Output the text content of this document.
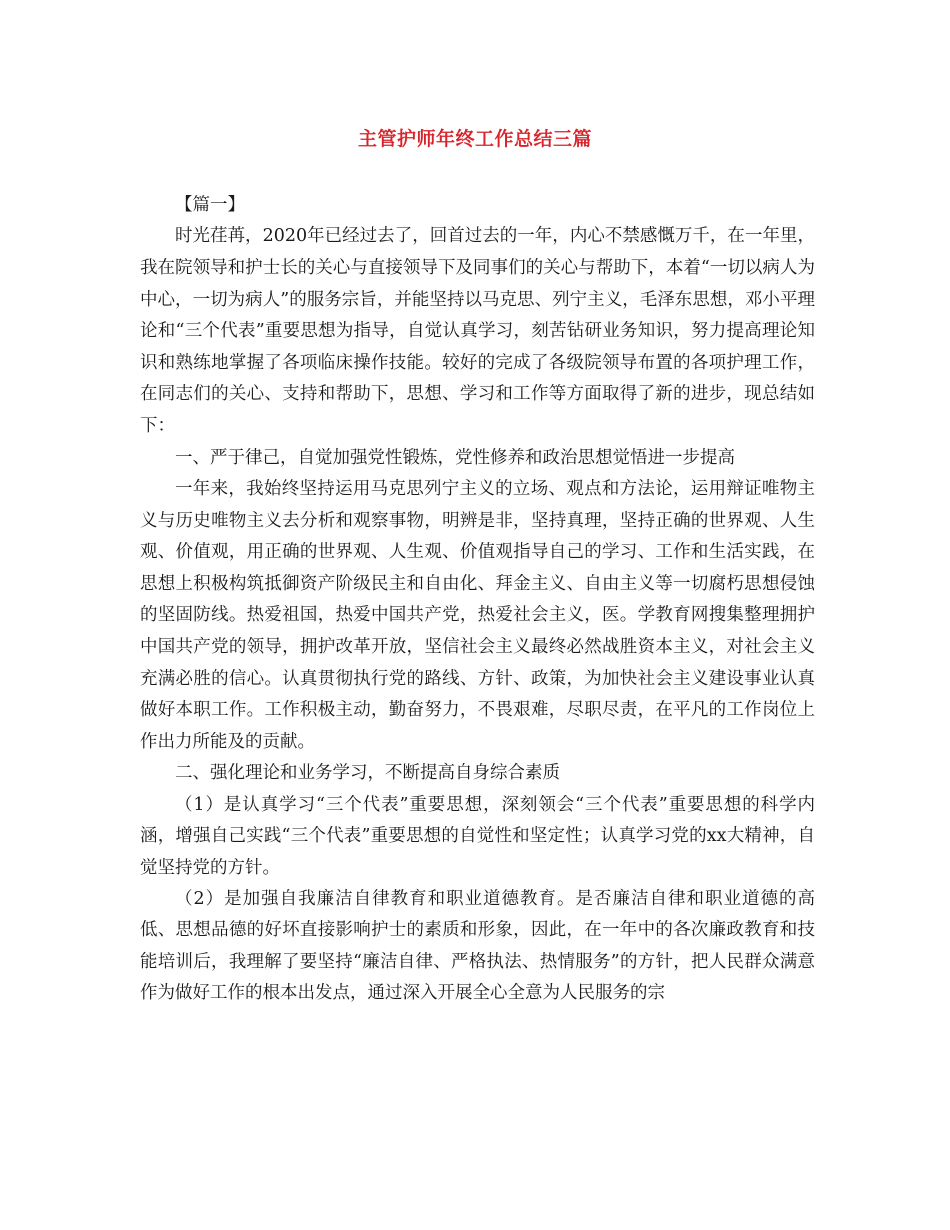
主管护师年终工作总结三篇

【篇一】

时光荏苒，2020年已经过去了，回首过去的一年，内心不禁感慨万千，在一年里，我在院领导和护士长的关心与直接领导下及同事们的关心与帮助下，本着“一切以病人为中心，一切为病人”的服务宗旨，并能坚持以马克思、列宁主义，毛泽东思想，邓小平理论和“三个代表”重要思想为指导，自觉认真学习，刻苦钻研业务知识，努力提高理论知识和熟练地掌握了各项临床操作技能。较好的完成了各级院领导布置的各项护理工作，在同志们的关心、支持和帮助下，思想、学习和工作等方面取得了新的进步，现总结如下：

一、严于律己，自觉加强党性锻炼，党性修养和政治思想觉悟进一步提高

一年来，我始终坚持运用马克思列宁主义的立场、观点和方法论，运用辩证唯物主义与历史唯物主义去分析和观察事物，明辨是非，坚持真理，坚持正确的世界观、人生观、价值观，用正确的世界观、人生观、价值观指导自己的学习、工作和生活实践，在思想上积极构筑抵御资产阶级民主和自由化、拜金主义、自由主义等一切腐朽思想侵蚀的坚固防线。热爱祖国，热爱中国共产党，热爱社会主义，医。学教育网搜集整理拥护中国共产党的领导，拥护改革开放，坚信社会主义最终必然战胜资本主义，对社会主义充满必胜的信心。认真贯彻执行党的路线、方针、政策，为加快社会主义建设事业认真做好本职工作。工作积极主动，勤奋努力，不畏艰难，尽职尽责，在平凡的工作岗位上作出力所能及的贡献。

二、强化理论和业务学习，不断提高自身综合素质

（1）是认真学习“三个代表”重要思想，深刻领会“三个代表”重要思想的科学内涵，增强自己实践“三个代表”重要思想的自觉性和坚定性；认真学习党的xx大精神，自觉坚持党的方针。

（2）是加强自我廉洁自律教育和职业道德教育。是否廉洁自律和职业道德的高低、思想品德的好坏直接影响护士的素质和形象，因此，在一年中的各次廉政教育和技能培训后，我理解了要坚持“廉洁自律、严格执法、热情服务”的方针，把人民群众满意作为做好工作的根本出发点，通过深入开展全心全意为人民服务的宗
